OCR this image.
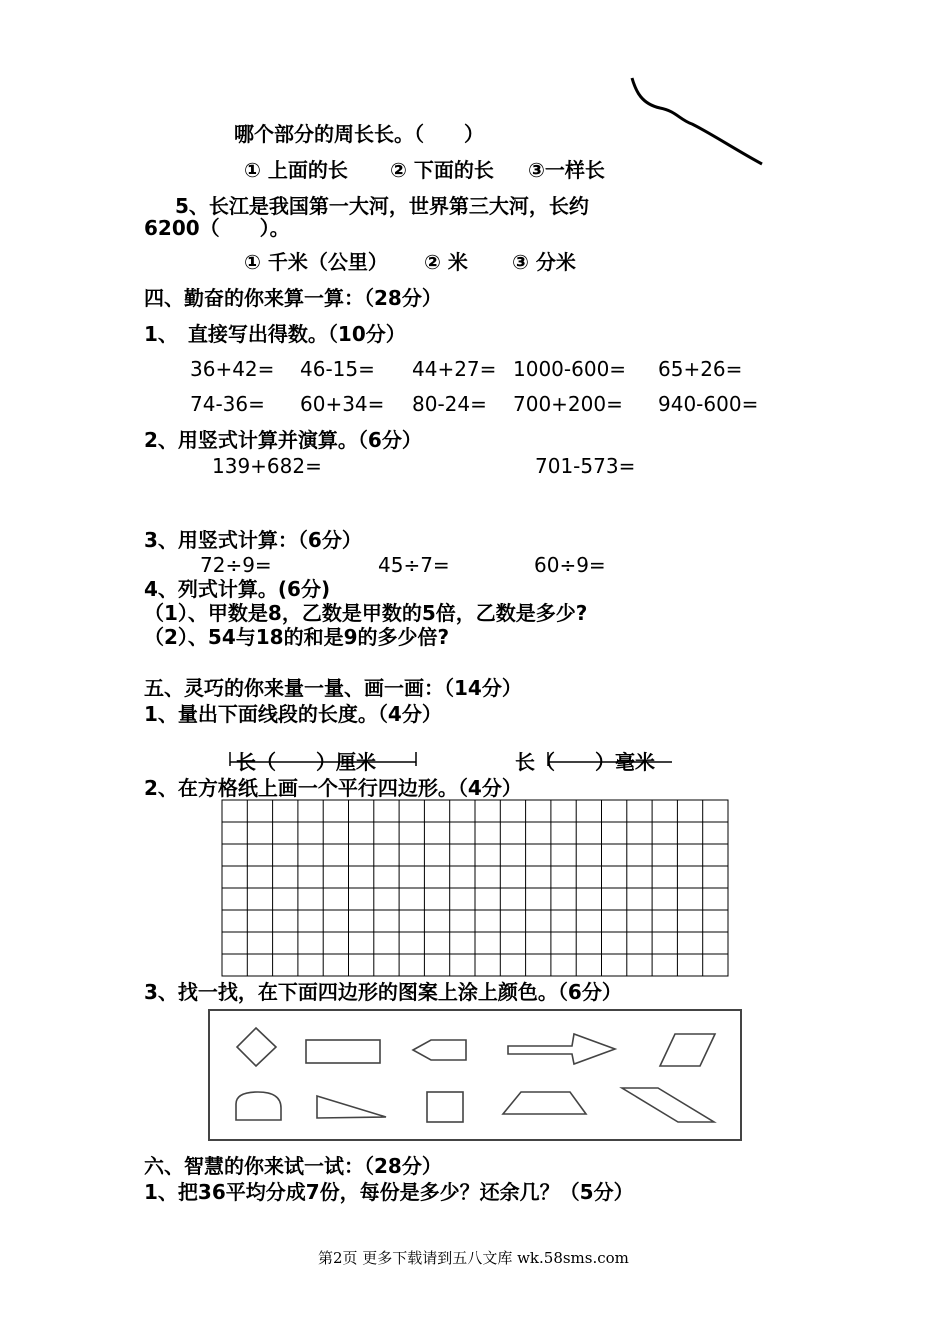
哪个部分的周长长。（　　）
① 上面的长 ② 下面的长 ③一样长
5、长江是我国第一大河，世界第三大河，长约
6200（　　）。
① 千米（公里） ② 米 ③ 分米
四、勤奋的你来算一算：（28分）
1、　直接写出得数。（10分）
36+42= 46-15= 44+27= 1000-600= 65+26=
74-36= 60+34= 80-24= 700+200= 940-600=
2、用竖式计算并演算。（6分）
139+682=	701-573=
3、用竖式计算：（6分）
72÷9=	45÷7=	60÷9=
4、列式计算。(6分)
（1）、甲数是8，乙数是甲数的5倍，乙数是多少?
（2）、54与18的和是9的多少倍?
五、灵巧的你来量一量、画一画：（14分）
1、量出下面线段的长度。（4分）
长（　　）厘米	长（　　）毫米
2、在方格纸上画一个平行四边形。（4分）
3、找一找，在下面四边形的图案上涂上颜色。（6分）
六、智慧的你来试一试：（28分）
1、把36平均分成7份，每份是多少？还余几？（5分）
第2页 更多下载请到五八文库 wk.58sms.com
